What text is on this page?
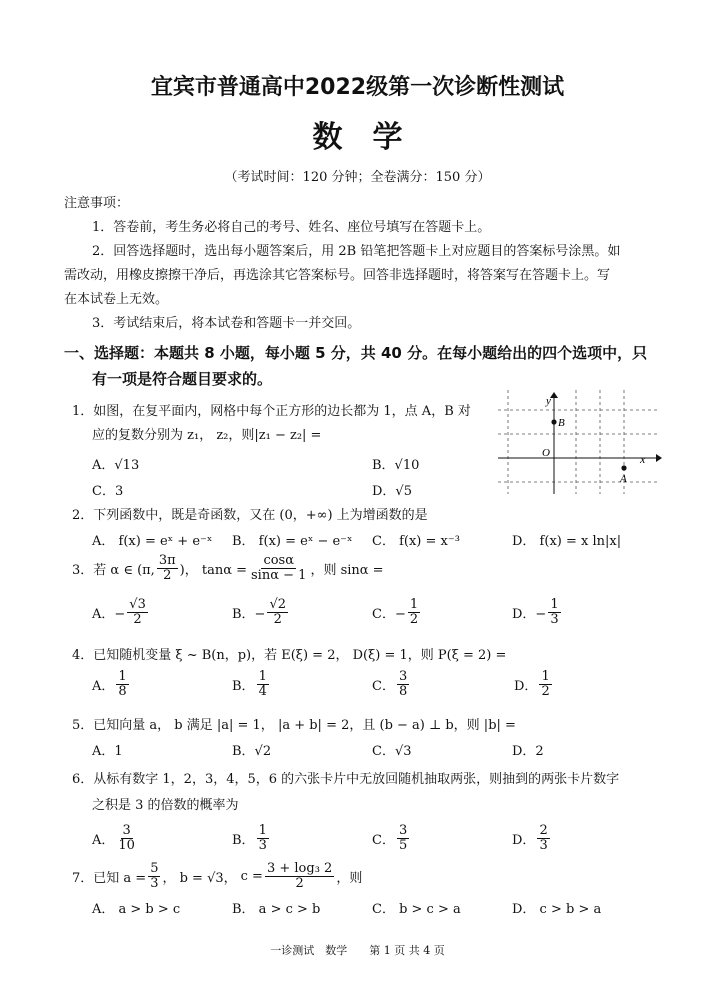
宜宾市普通高中2022级第一次诊断性测试
数　学
（考试时间：120 分钟；全卷满分：150 分）
注意事项：
1．答卷前，考生务必将自己的考号、姓名、座位号填写在答题卡上。
2．回答选择题时，选出每小题答案后，用 2B 铅笔把答题卡上对应题目的答案标号涂黑。如
需改动，用橡皮擦擦干净后，再选涂其它答案标号。回答非选择题时，将答案写在答题卡上。写
在本试卷上无效。
3．考试结束后，将本试卷和答题卡一并交回。
一、选择题：本题共 8 小题，每小题 5 分，共 40 分。在每小题给出的四个选项中，只
有一项是符合题目要求的。
1．如图，在复平面内，网格中每个正方形的边长都为 1，点 A，B 对
应的复数分别为 z₁， z₂，则|z₁ − z₂| =
A．√13	B．√10
C．3	D．√5
y
x
O
B
A
2．下列函数中，既是奇函数，又在 (0，+∞) 上为增函数的是
A． f(x) = eˣ + e⁻ˣ B． f(x) = eˣ − e⁻ˣ C． f(x) = x⁻³	D． f(x) = x ln|x|
3．若 α ∈ (π, $\frac{3\pi}{2}$ )， $\tan\alpha = \frac{\cos\alpha}{\sin\alpha - 1}$ ，则 sinα =
A．− $\frac{√3}{2}$	B．− $\frac{√2}{2}$	C．− $\frac{1}{2}$	D．− $\frac{1}{3}$
4．已知随机变量 ξ ~ B(n，p)，若 E(ξ) = 2， D(ξ) = 1，则 P(ξ = 2) =
A． $\frac{1}{8}$	B． $\frac{1}{4}$	C． $\frac{3}{8}$	D． $\frac{1}{2}$
5．已知向量 a， b 满足 |a| = 1， |a + b| = 2，且 (b − a) ⊥ b，则 |b| =
A．1	B．√2	C．√3	D．2
6．从标有数字 1，2，3，4，5，6 的六张卡片中无放回随机抽取两张，则抽到的两张卡片数字
之积是 3 的倍数的概率为
A． $\frac{3}{10}$	B． $\frac{1}{3}$	C． $\frac{3}{5}$	D． $\frac{2}{3}$
7．已知 $a = \frac{5}{3}$ ， b = √3， $c = \frac{\text{3 + log₃ 2}}{2}$ ，则
A． a > b > c	B． a > c > b	C． b > c > a	D． c > b > a
一诊测试　数学　　第 1 页 共 4 页
